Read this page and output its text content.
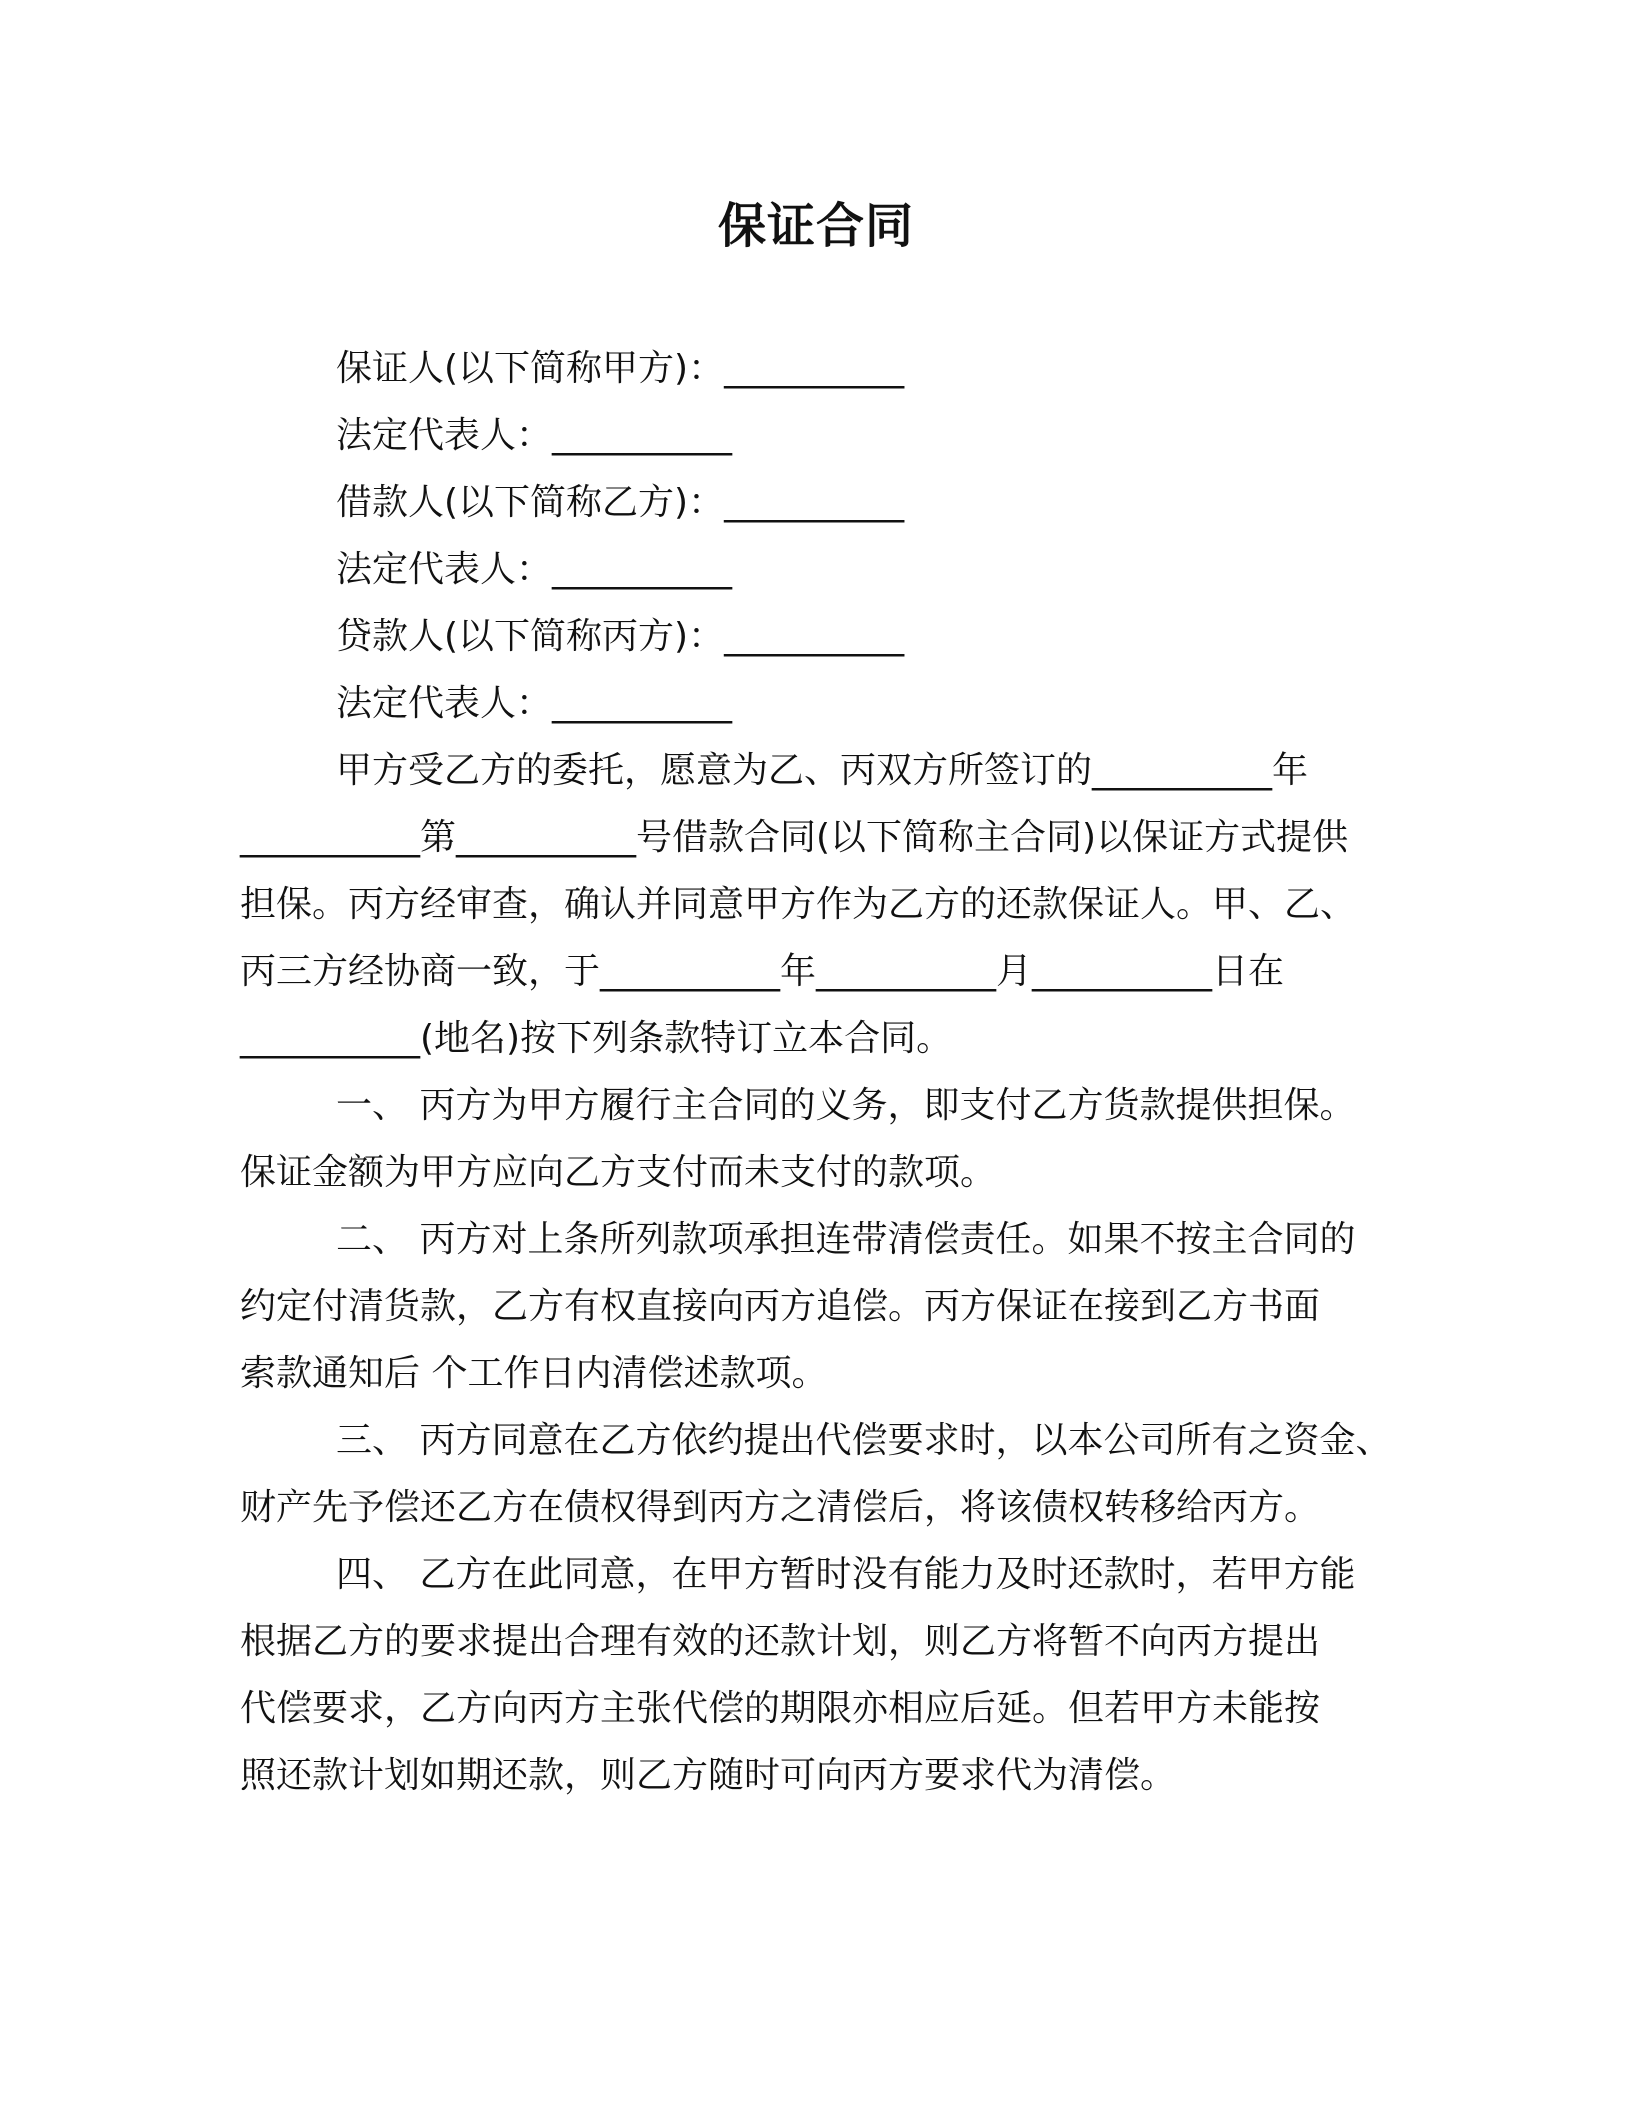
保证合同
保证人(以下简称甲方)：__________
法定代表人：__________
借款人(以下简称乙方)：__________
法定代表人：__________
贷款人(以下简称丙方)：__________
法定代表人：__________
甲方受乙方的委托，愿意为乙、丙双方所签订的__________年
__________第__________号借款合同(以下简称主合同)以保证方式提供
担保。丙方经审查，确认并同意甲方作为乙方的还款保证人。甲、乙、
丙三方经协商一致，于__________年__________月__________日在
__________(地名)按下列条款特订立本合同。
一、 丙方为甲方履行主合同的义务，即支付乙方货款提供担保。
保证金额为甲方应向乙方支付而未支付的款项。
二、 丙方对上条所列款项承担连带清偿责任。如果不按主合同的
约定付清货款，乙方有权直接向丙方追偿。丙方保证在接到乙方书面
索款通知后 个工作日内清偿述款项。
三、 丙方同意在乙方依约提出代偿要求时，以本公司所有之资金、
财产先予偿还乙方在债权得到丙方之清偿后，将该债权转移给丙方。
四、 乙方在此同意，在甲方暂时没有能力及时还款时，若甲方能
根据乙方的要求提出合理有效的还款计划，则乙方将暂不向丙方提出
代偿要求，乙方向丙方主张代偿的期限亦相应后延。但若甲方未能按
照还款计划如期还款，则乙方随时可向丙方要求代为清偿。
